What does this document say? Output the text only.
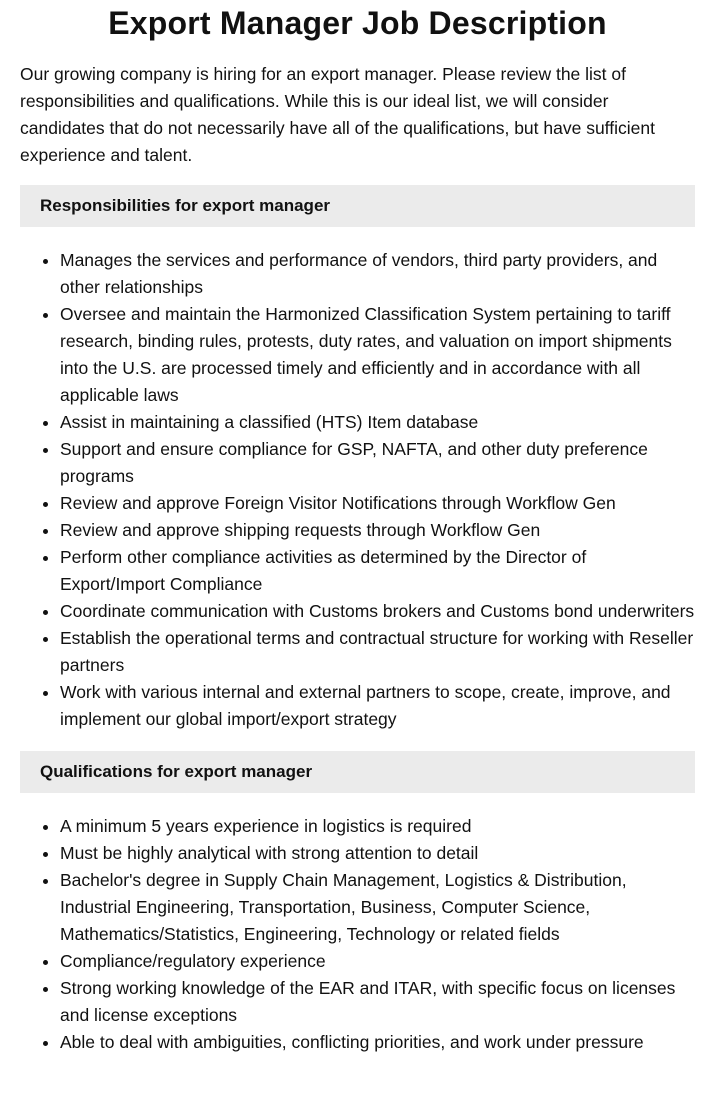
Export Manager Job Description

Our growing company is hiring for an export manager. Please review the list of responsibilities and qualifications. While this is our ideal list, we will consider candidates that do not necessarily have all of the qualifications, but have sufficient experience and talent.

Responsibilities for export manager
• Manages the services and performance of vendors, third party providers, and other relationships
• Oversee and maintain the Harmonized Classification System pertaining to tariff research, binding rules, protests, duty rates, and valuation on import shipments into the U.S. are processed timely and efficiently and in accordance with all applicable laws
• Assist in maintaining a classified (HTS) Item database
• Support and ensure compliance for GSP, NAFTA, and other duty preference programs
• Review and approve Foreign Visitor Notifications through Workflow Gen
• Review and approve shipping requests through Workflow Gen
• Perform other compliance activities as determined by the Director of Export/Import Compliance
• Coordinate communication with Customs brokers and Customs bond underwriters
• Establish the operational terms and contractual structure for working with Reseller partners
• Work with various internal and external partners to scope, create, improve, and implement our global import/export strategy
Qualifications for export manager
• A minimum 5 years experience in logistics is required
• Must be highly analytical with strong attention to detail
• Bachelor's degree in Supply Chain Management, Logistics & Distribution, Industrial Engineering, Transportation, Business, Computer Science, Mathematics/Statistics, Engineering, Technology or related fields
• Compliance/regulatory experience
• Strong working knowledge of the EAR and ITAR, with specific focus on licenses and license exceptions
• Able to deal with ambiguities, conflicting priorities, and work under pressure
